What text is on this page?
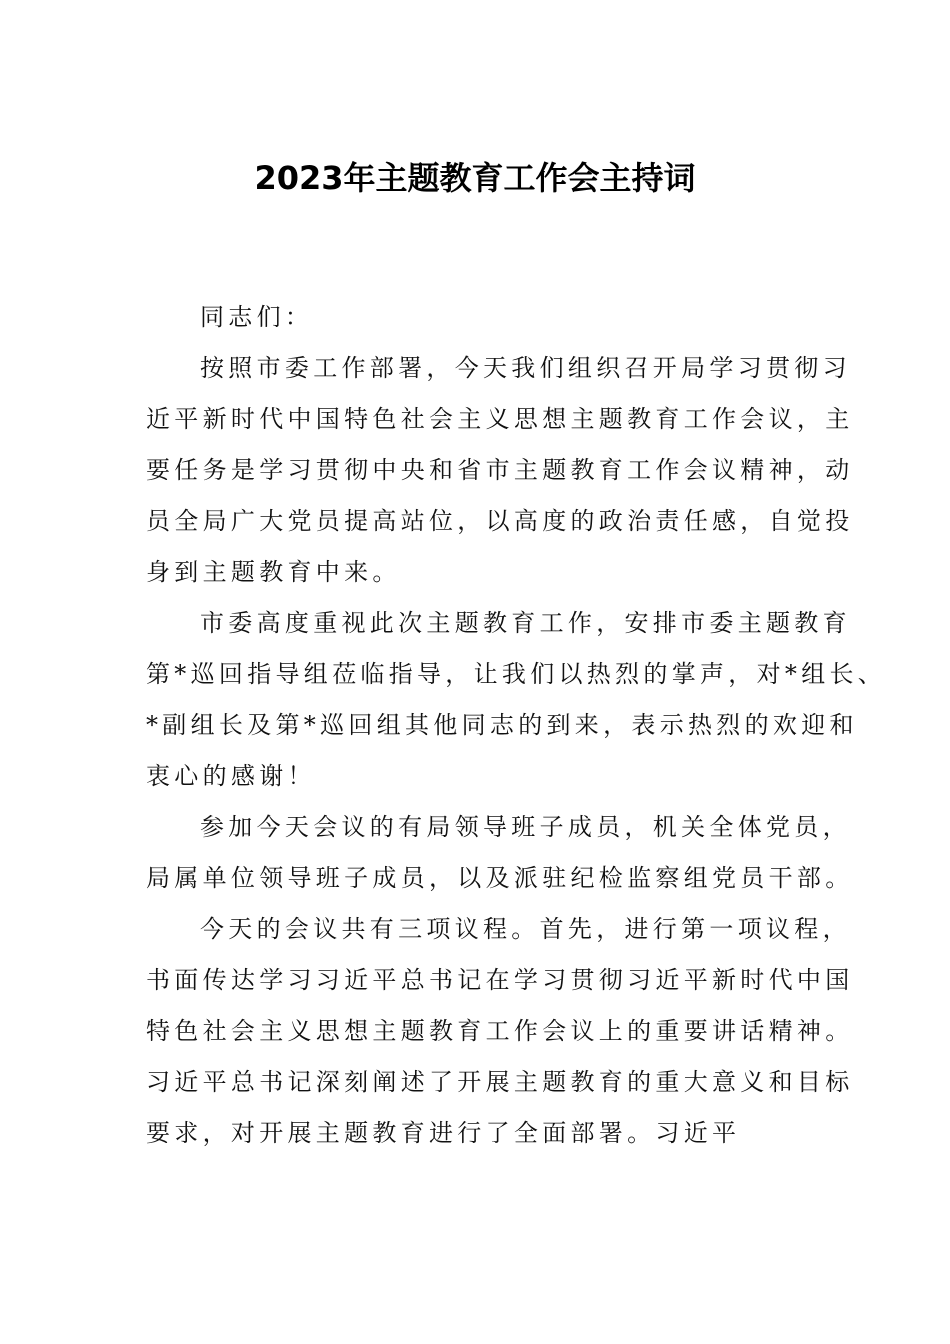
2023年主题教育工作会主持词
同志们：
按照市委工作部署，今天我们组织召开局学习贯彻习
近平新时代中国特色社会主义思想主题教育工作会议，主
要任务是学习贯彻中央和省市主题教育工作会议精神，动
员全局广大党员提高站位，以高度的政治责任感，自觉投
身到主题教育中来。
市委高度重视此次主题教育工作，安排市委主题教育
第*巡回指导组莅临指导，让我们以热烈的掌声，对*组长、
*副组长及第*巡回组其他同志的到来，表示热烈的欢迎和
衷心的感谢！
参加今天会议的有局领导班子成员，机关全体党员，
局属单位领导班子成员，以及派驻纪检监察组党员干部。
今天的会议共有三项议程。首先，进行第一项议程，
书面传达学习习近平总书记在学习贯彻习近平新时代中国
特色社会主义思想主题教育工作会议上的重要讲话精神。
习近平总书记深刻阐述了开展主题教育的重大意义和目标
要求，对开展主题教育进行了全面部署。习近平
